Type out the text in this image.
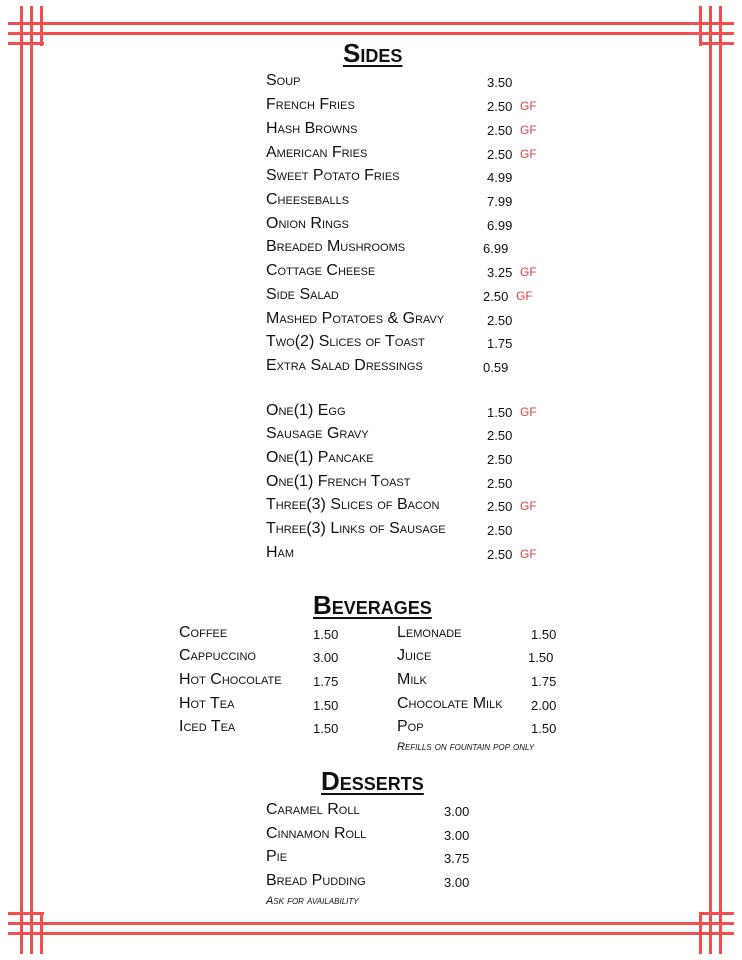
Sides
Soup	3.50
French Fries	2.50 GF
Hash Browns	2.50 GF
American Fries	2.50 GF
Sweet Potato Fries	4.99
Cheeseballs	7.99
Onion Rings	6.99
Breaded Mushrooms	6.99
Cottage Cheese	3.25 GF
Side Salad	2.50 GF
Mashed Potatoes & Gravy	2.50
Two(2) Slices of Toast	1.75
Extra Salad Dressings	0.59
One(1) Egg	1.50 GF
Sausage Gravy	2.50
One(1) Pancake	2.50
One(1) French Toast	2.50
Three(3) Slices of Bacon	2.50 GF
Three(3) Links of Sausage	2.50
Ham	2.50 GF
Beverages
Coffee	1.50	Lemonade	1.50
Cappuccino	3.00	Juice	1.50
Hot Chocolate 1.75	Milk	1.75
Hot Tea	1.50	Chocolate Milk 2.00
Iced Tea	1.50	Pop	1.50
Refills on fountain pop only
Desserts
Caramel Roll	3.00
Cinnamon Roll	3.00
Pie	3.75
Bread Pudding	3.00
Ask for availability
